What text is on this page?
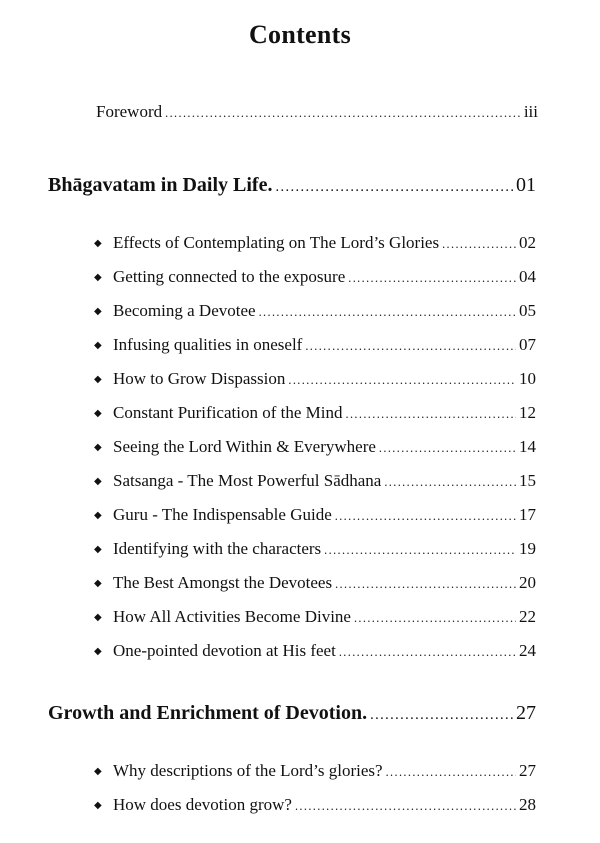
Contents
Foreword .....	iii
Bhāgavatam in Daily Life. .....	01
◆ Effects of Contemplating on The Lord’s Glories .....	02
◆ Getting connected to the exposure .....	04
◆ Becoming a Devotee .....	05
◆ Infusing qualities in oneself .....	07
◆ How to Grow Dispassion .....	10
◆ Constant Purification of the Mind .....	12
◆ Seeing the Lord Within & Everywhere .....	14
◆ Satsanga - The Most Powerful Sādhana .....	15
◆ Guru - The Indispensable Guide .....	17
◆ Identifying with the characters .....	19
◆ The Best Amongst the Devotees .....	20
◆ How All Activities Become Divine .....	22
◆ One-pointed devotion at His feet .....	24
Growth and Enrichment of Devotion. .....	27
◆ Why descriptions of the Lord’s glories? .....	27
◆ How does devotion grow? .....	28
